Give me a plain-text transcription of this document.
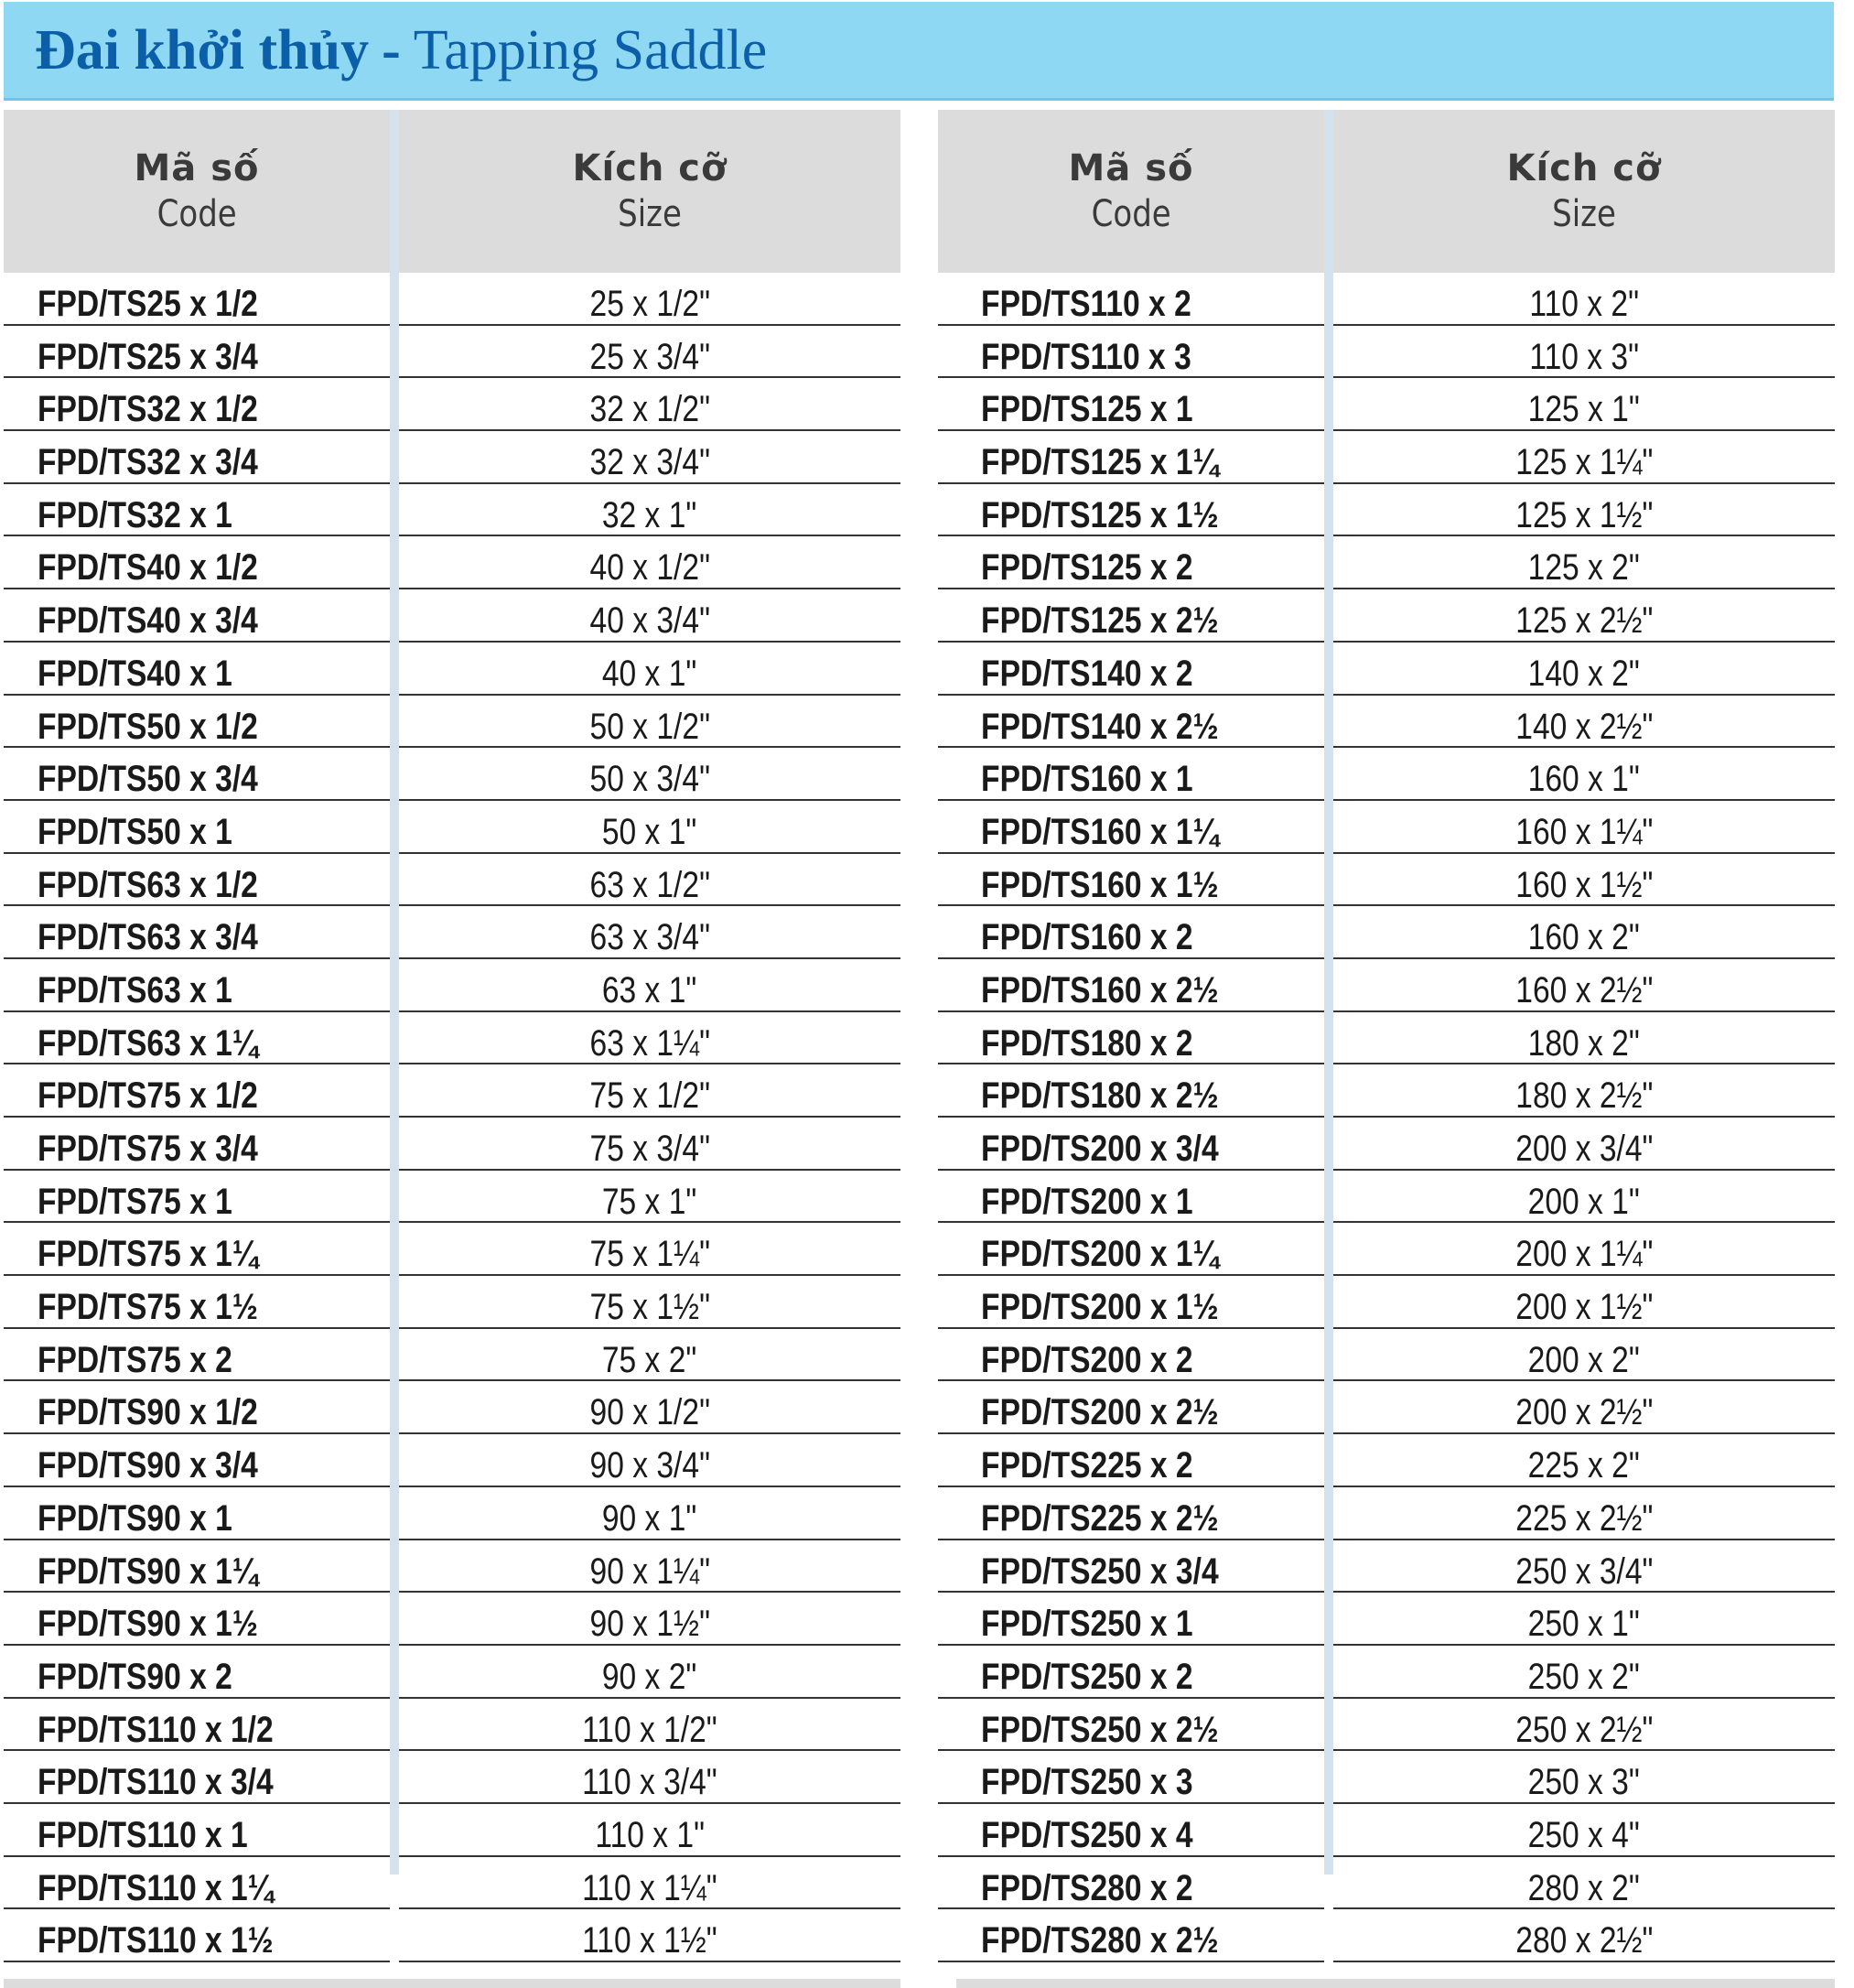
Đai khởi thủy - Tapping Saddle
Mã số
Code
Kích cỡ
Size
FPD/TS25 x 1/2	25 x 1/2"
FPD/TS25 x 3/4	25 x 3/4"
FPD/TS32 x 1/2	32 x 1/2"
FPD/TS32 x 3/4	32 x 3/4"
FPD/TS32 x 1	32 x 1"
FPD/TS40 x 1/2	40 x 1/2"
FPD/TS40 x 3/4	40 x 3/4"
FPD/TS40 x 1	40 x 1"
FPD/TS50 x 1/2	50 x 1/2"
FPD/TS50 x 3/4	50 x 3/4"
FPD/TS50 x 1	50 x 1"
FPD/TS63 x 1/2	63 x 1/2"
FPD/TS63 x 3/4	63 x 3/4"
FPD/TS63 x 1	63 x 1"
FPD/TS63 x 1¼	63 x 1¼"
FPD/TS75 x 1/2	75 x 1/2"
FPD/TS75 x 3/4	75 x 3/4"
FPD/TS75 x 1	75 x 1"
FPD/TS75 x 1¼	75 x 1¼"
FPD/TS75 x 1½	75 x 1½"
FPD/TS75 x 2	75 x 2"
FPD/TS90 x 1/2	90 x 1/2"
FPD/TS90 x 3/4	90 x 3/4"
FPD/TS90 x 1	90 x 1"
FPD/TS90 x 1¼	90 x 1¼"
FPD/TS90 x 1½	90 x 1½"
FPD/TS90 x 2	90 x 2"
FPD/TS110 x 1/2	110 x 1/2"
FPD/TS110 x 3/4	110 x 3/4"
FPD/TS110 x 1	110 x 1"
FPD/TS110 x 1¼	110 x 1¼"
FPD/TS110 x 1½	110 x 1½"
Mã số
Code
Kích cỡ
Size
FPD/TS110 x 2	110 x 2"
FPD/TS110 x 3	110 x 3"
FPD/TS125 x 1	125 x 1"
FPD/TS125 x 1¼	125 x 1¼"
FPD/TS125 x 1½	125 x 1½"
FPD/TS125 x 2	125 x 2"
FPD/TS125 x 2½	125 x 2½"
FPD/TS140 x 2	140 x 2"
FPD/TS140 x 2½	140 x 2½"
FPD/TS160 x 1	160 x 1"
FPD/TS160 x 1¼	160 x 1¼"
FPD/TS160 x 1½	160 x 1½"
FPD/TS160 x 2	160 x 2"
FPD/TS160 x 2½	160 x 2½"
FPD/TS180 x 2	180 x 2"
FPD/TS180 x 2½	180 x 2½"
FPD/TS200 x 3/4	200 x 3/4"
FPD/TS200 x 1	200 x 1"
FPD/TS200 x 1¼	200 x 1¼"
FPD/TS200 x 1½	200 x 1½"
FPD/TS200 x 2	200 x 2"
FPD/TS200 x 2½	200 x 2½"
FPD/TS225 x 2	225 x 2"
FPD/TS225 x 2½	225 x 2½"
FPD/TS250 x 3/4	250 x 3/4"
FPD/TS250 x 1	250 x 1"
FPD/TS250 x 2	250 x 2"
FPD/TS250 x 2½	250 x 2½"
FPD/TS250 x 3	250 x 3"
FPD/TS250 x 4	250 x 4"
FPD/TS280 x 2	280 x 2"
FPD/TS280 x 2½	280 x 2½"
